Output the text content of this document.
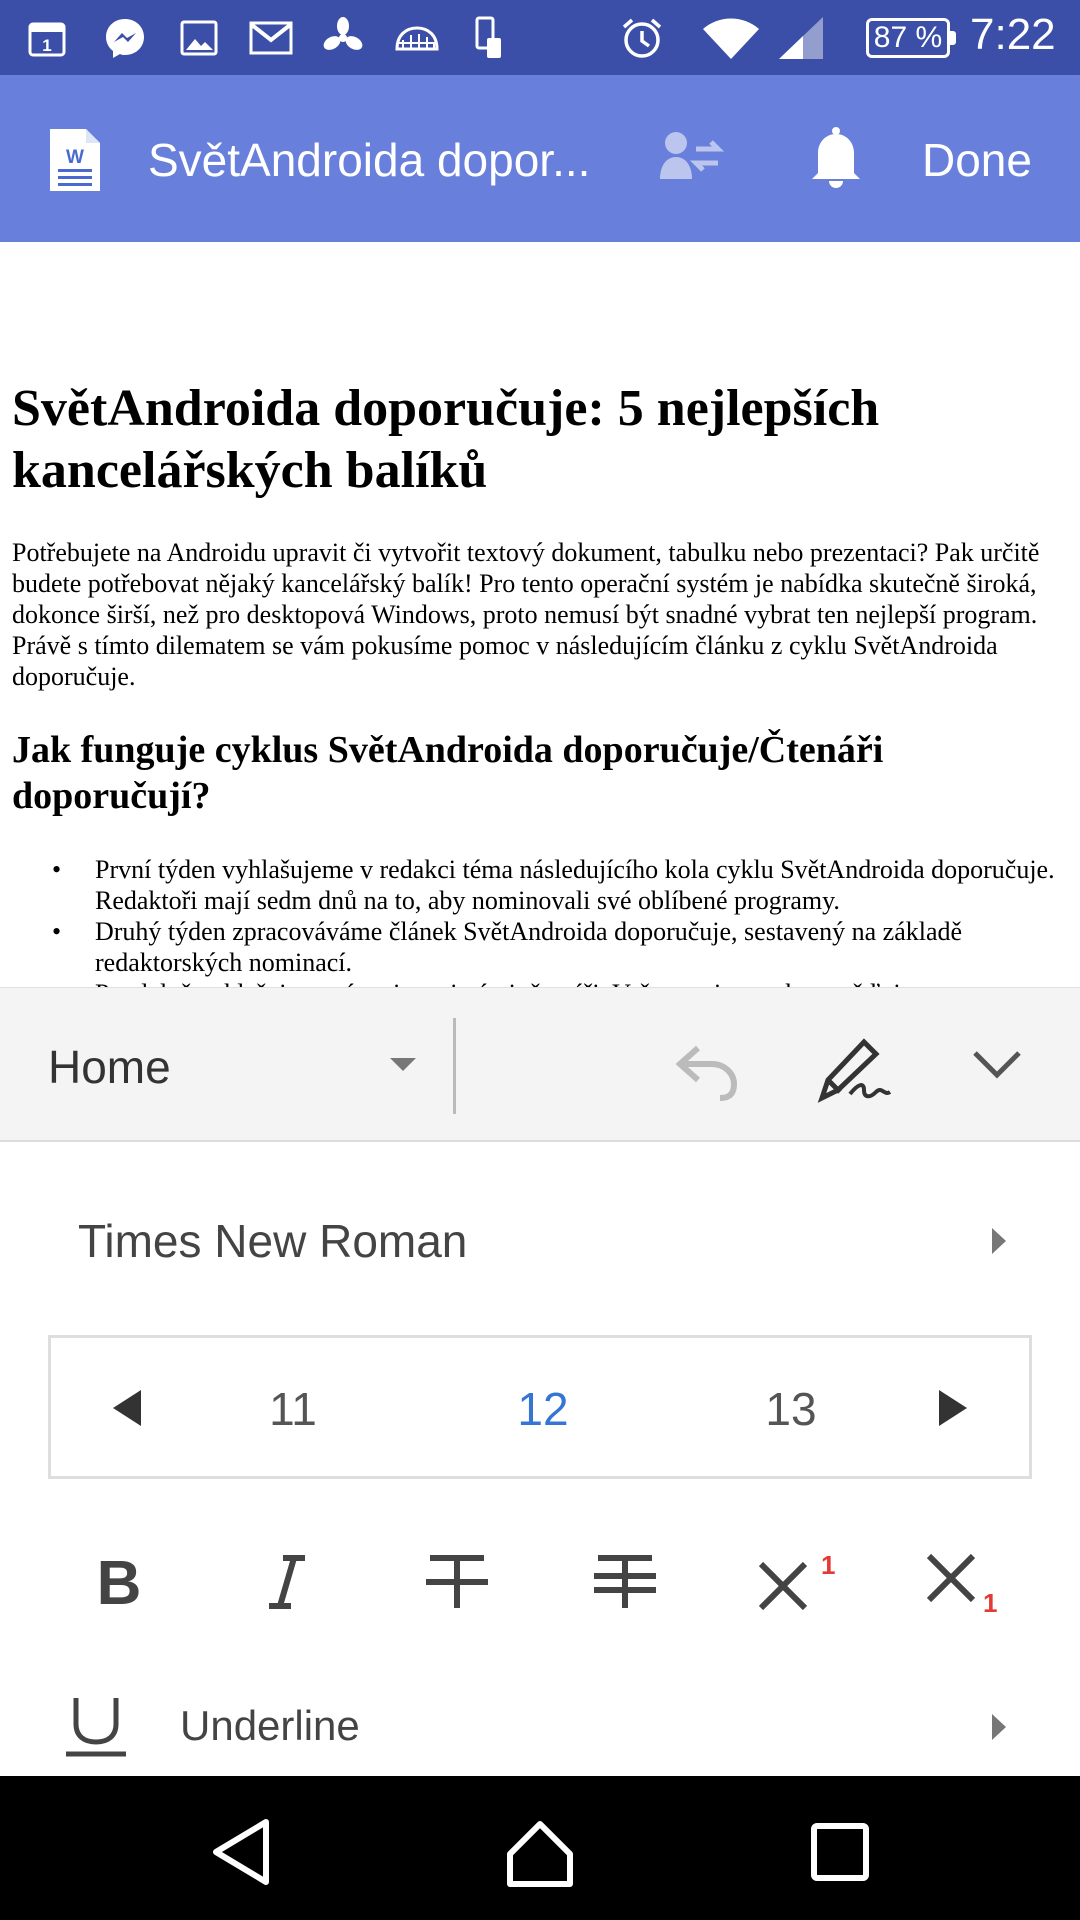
1	87 % 7:22
W SvětAndroida dopor...	Done
SvětAndroida doporučuje: 5 nejlepších kancelářských balíků

Potřebujete na Androidu upravit či vytvořit textový dokument, tabulku nebo prezentaci? Pak určitě budete potřebovat nějaký kancelářský balík! Pro tento operační systém je nabídka skutečně široká, dokonce širší, než pro desktopová Windows, proto nemusí být snadné vybrat ten nejlepší program. Právě s tímto dilematem se vám pokusíme pomoc v následujícím článku z cyklu SvětAndroida doporučuje.

Jak funguje cyklus SvětAndroida doporučuje/Čtenáři doporučují?
• První týden vyhlašujeme v redakci téma následujícího kola cyklu SvětAndroida doporučuje. Redaktoři mají sedm dnů na to, aby nominovali své oblíbené programy.
• Druhý týden zpracováváme článek SvětAndroida doporučuje, sestavený na základě redaktorských nominací.
•
Home
Times New Roman
11	12	13
B	1
1
Underline
